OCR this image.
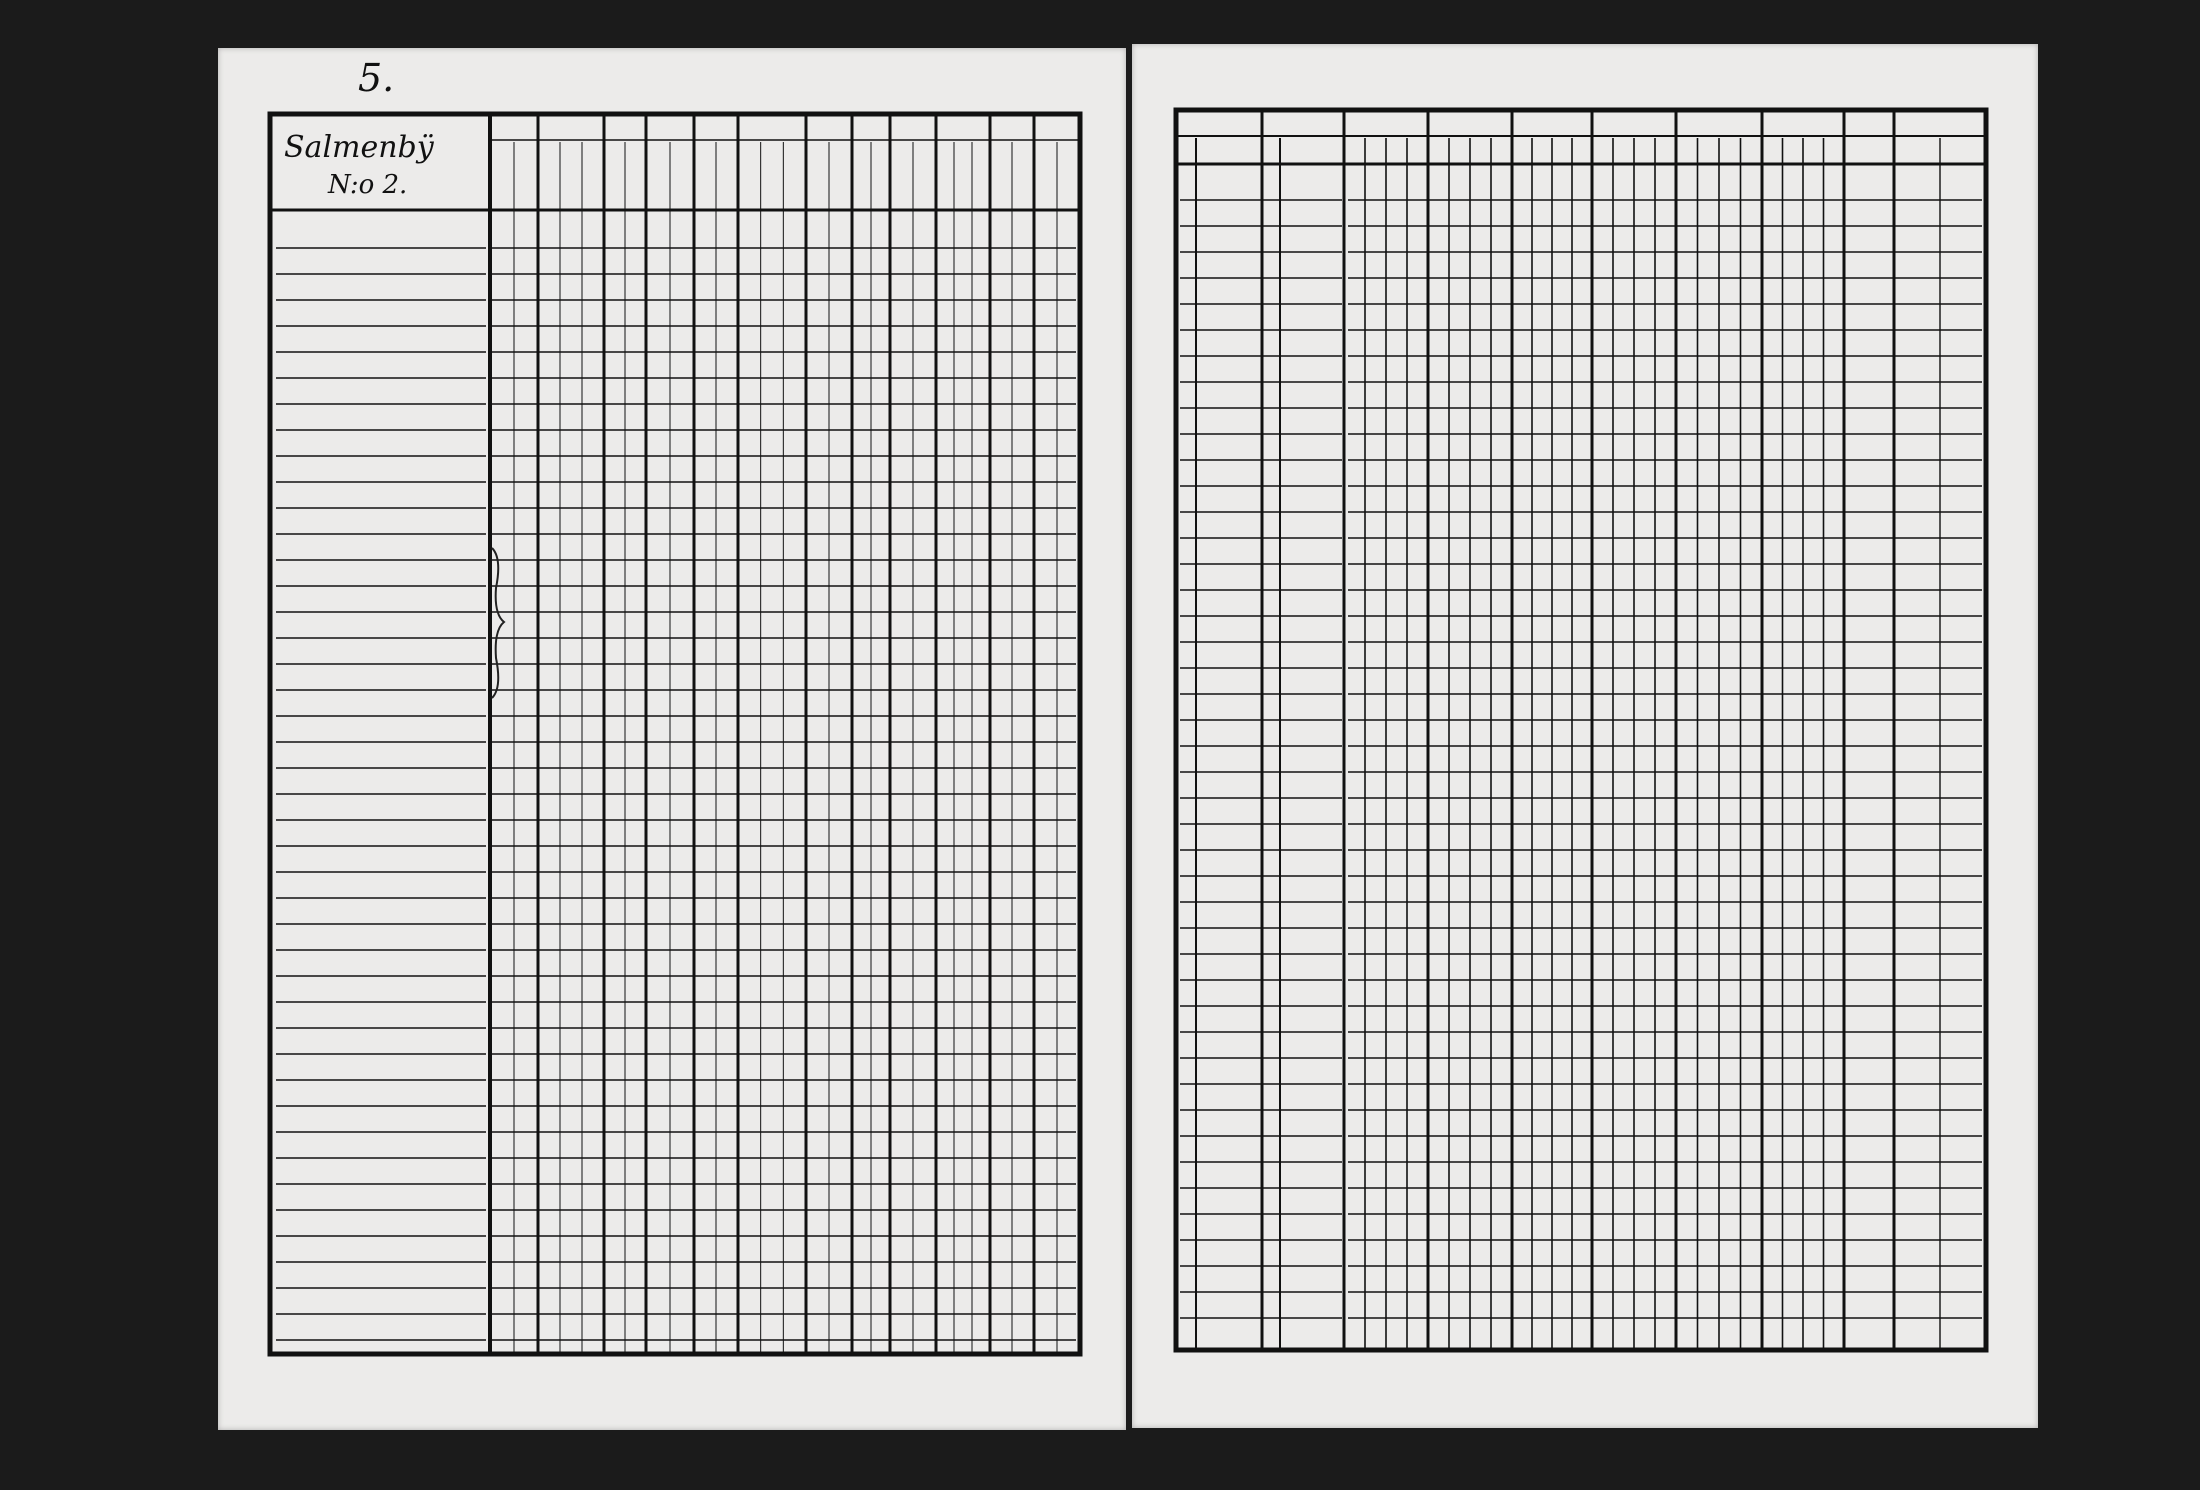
5.
Salmenbÿ
N:o 2.
